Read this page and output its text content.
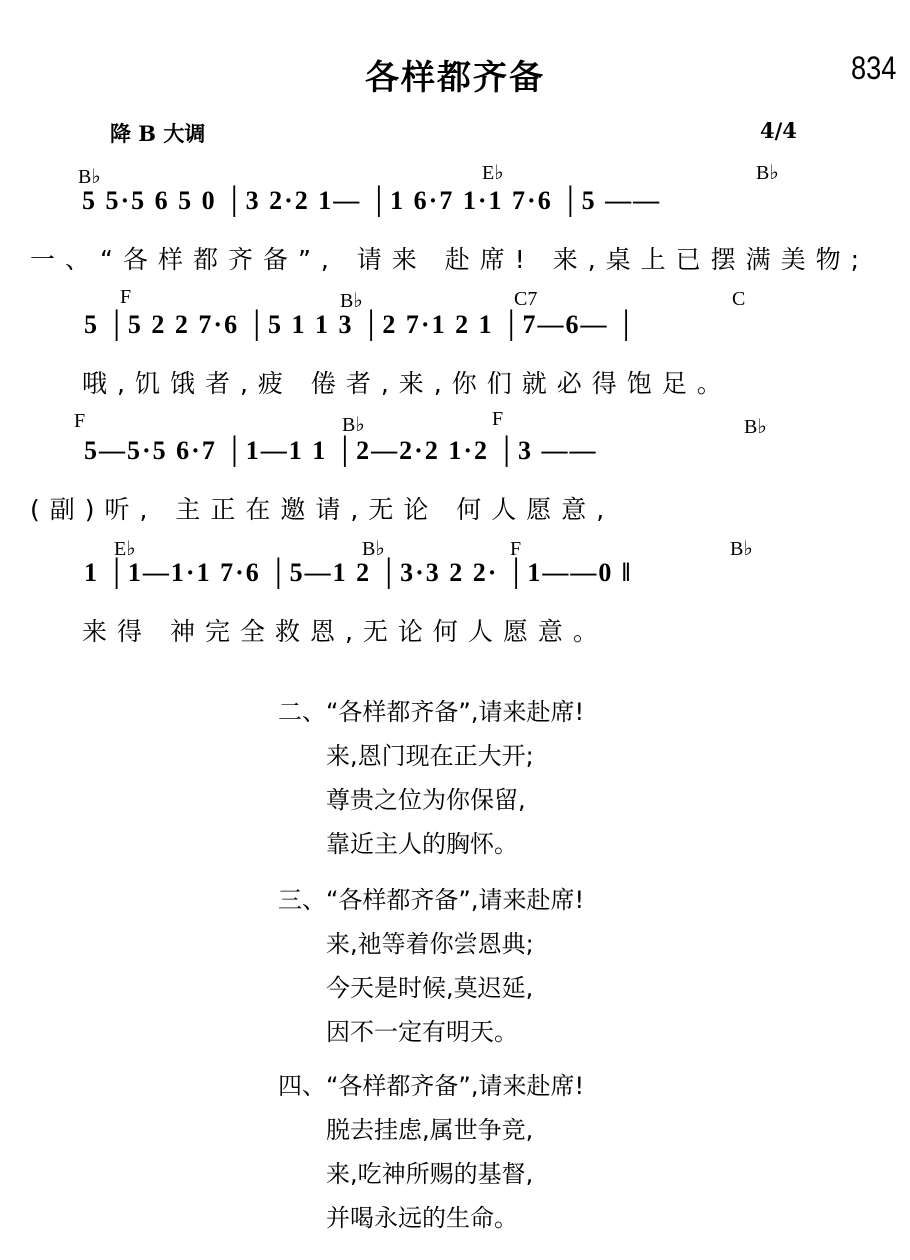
各样都齐备	834
降 B 大调	4/4
B♭	E♭	B♭
5 5·5 6 5 0 │3 2·2 1— │1 6·7 1·1 7·6 │5 ——
一、“各样都齐备”, 请来 赴席! 来,桌上已摆满美物;
F	B♭	C7	C
5 │5 2 2 7·6 │5 1 1 3 │2 7·1 2 1 │7—6— │
哦,饥饿者,疲 倦者,来,你们就必得饱足。
F	B♭	F	B♭
5—5·5 6·7 │1—1 1 │2—2·2 1·2 │3 ——
(副)听, 主正在邀请,无论 何人愿意,
E♭	B♭	F	B♭
1 │1—1·1 7·6 │5—1 2 │3·3 2 2· │1——0 ‖
来得 神完全救恩,无论何人愿意。
二、“各样都齐备”,请来赴席!
来,恩门现在正大开;
尊贵之位为你保留,
靠近主人的胸怀。
三、“各样都齐备”,请来赴席!
来,祂等着你尝恩典;
今天是时候,莫迟延,
因不一定有明天。
四、“各样都齐备”,请来赴席!
脱去挂虑,属世争竞,
来,吃神所赐的基督,
并喝永远的生命。
